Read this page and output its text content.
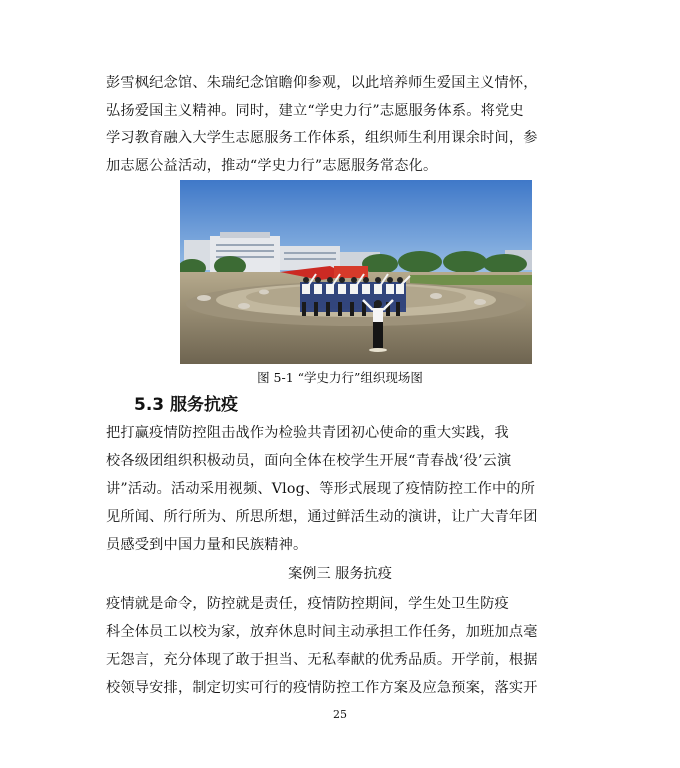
彭雪枫纪念馆、朱瑞纪念馆瞻仰参观，以此培养师生爱国主义情怀，
弘扬爱国主义精神。同时，建立“学史力行”志愿服务体系。将党史
学习教育融入大学生志愿服务工作体系，组织师生利用课余时间，参
加志愿公益活动，推动“学史力行”志愿服务常态化。
图 5-1 “学史力行”组织现场图
5.3 服务抗疫
把打赢疫情防控阻击战作为检验共青团初心使命的重大实践，我
校各级团组织积极动员，面向全体在校学生开展“青春战‘役’云演
讲”活动。活动采用视频、Vlog、等形式展现了疫情防控工作中的所
见所闻、所行所为、所思所想，通过鲜活生动的演讲，让广大青年团
员感受到中国力量和民族精神。
案例三 服务抗疫
疫情就是命令，防控就是责任，疫情防控期间，学生处卫生防疫
科全体员工以校为家，放弃休息时间主动承担工作任务，加班加点毫
无怨言，充分体现了敢于担当、无私奉献的优秀品质。开学前，根据
校领导安排，制定切实可行的疫情防控工作方案及应急预案，落实开
25
